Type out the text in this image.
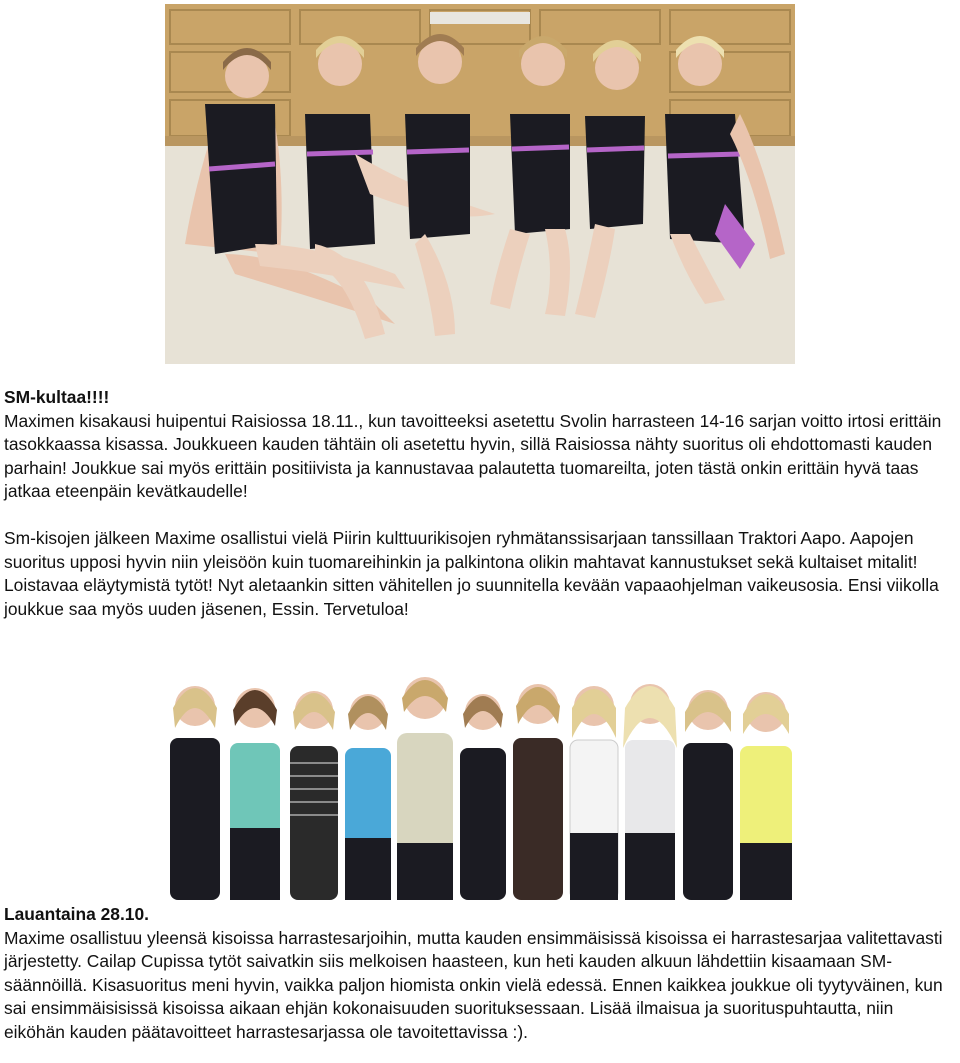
SM-kultaa!!!!

Maximen kisakausi huipentui Raisiossa 18.11., kun tavoitteeksi asetettu Svolin harrasteen 14-16 sarjan voitto irtosi erittäin tasokkaassa kisassa. Joukkueen kauden tähtäin oli asetettu hyvin, sillä Raisiossa nähty suoritus oli ehdottomasti kauden parhain! Joukkue sai myös erittäin positiivista ja kannustavaa palautetta tuomareilta, joten tästä onkin erittäin hyvä taas jatkaa eteenpäin kevätkaudelle!

Sm-kisojen jälkeen Maxime osallistui vielä Piirin kulttuurikisojen ryhmätanssisarjaan tanssillaan Traktori Aapo. Aapojen suoritus upposi hyvin niin yleisöön kuin tuomareihinkin ja palkintona olikin mahtavat kannustukset sekä kultaiset mitalit! Loistavaa eläytymistä tytöt! Nyt aletaankin sitten vähitellen jo suunnitella kevään vapaaohjelman vaikeusosia. Ensi viikolla joukkue saa myös uuden jäsenen, Essin. Tervetuloa!

Lauantaina 28.10.

Maxime osallistuu yleensä kisoissa harrastesarjoihin, mutta kauden ensimmäisissä kisoissa ei harrastesarjaa valitettavasti järjestetty. Cailap Cupissa tytöt saivatkin siis melkoisen haasteen, kun heti kauden alkuun lähdettiin kisaamaan SM-säännöillä. Kisasuoritus meni hyvin, vaikka paljon hiomista onkin vielä edessä. Ennen kaikkea joukkue oli tyytyväinen, kun sai ensimmäisisissä kisoissa aikaan ehjän kokonaisuuden suorituksessaan. Lisää ilmaisua ja suorituspuhtautta, niin eiköhän kauden päätavoitteet harrastesarjassa ole tavoitettavissa :).
